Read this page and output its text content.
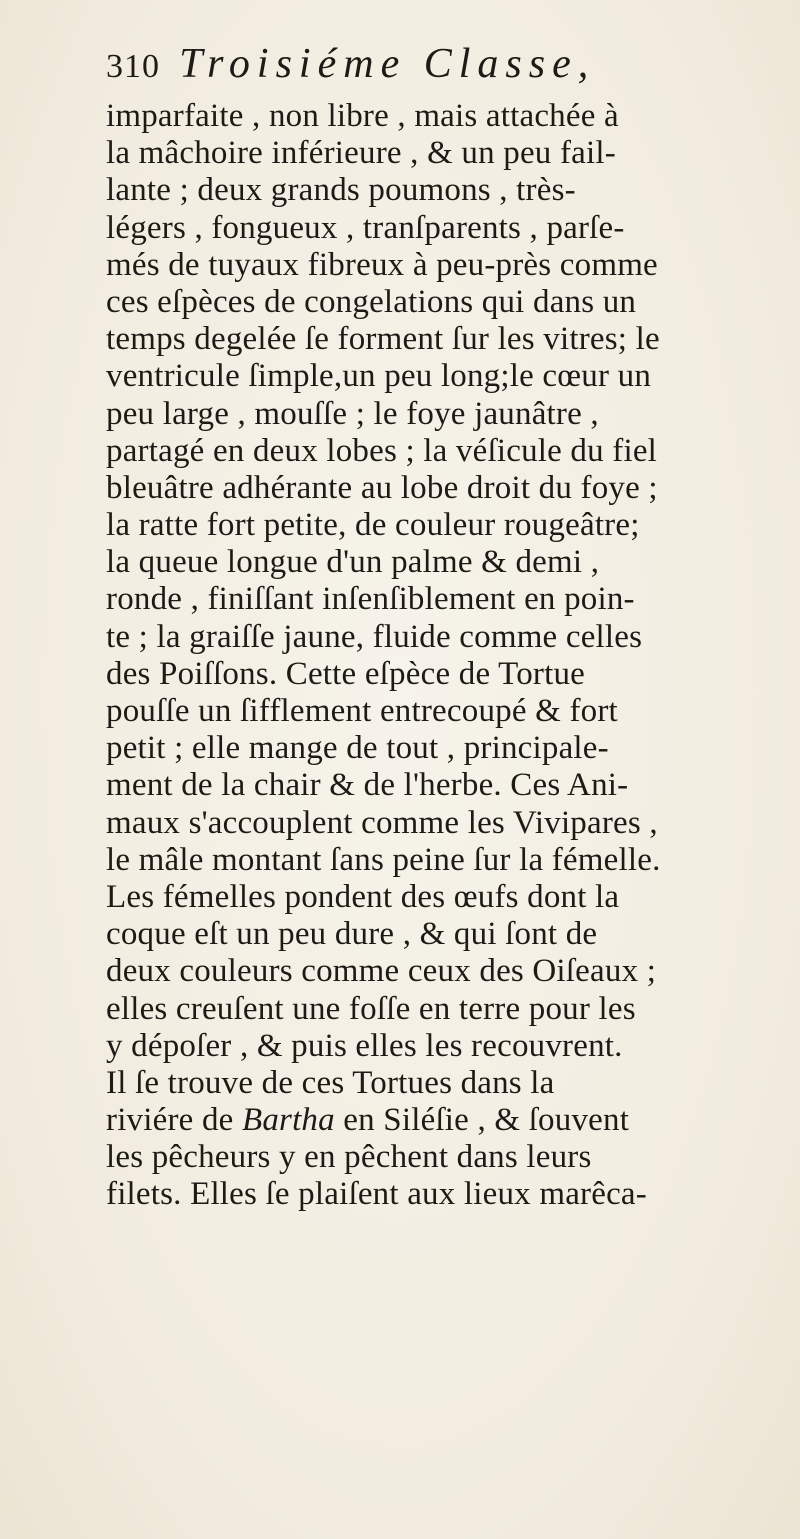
310 Troisiéme Classe,
imparfaite , non libre , mais attachée à
la mâchoire inférieure , & un peu fail-
lante ; deux grands poumons , très-
légers , fongueux , tranſparents , parſe-
més de tuyaux fibreux à peu-près comme
ces eſpèces de congelations qui dans un
temps degelée ſe forment ſur les vitres; le
ventricule ſimple,un peu long;le cœur un
peu large , mouſſe ; le foye jaunâtre ,
partagé en deux lobes ; la véſicule du fiel
bleuâtre adhérante au lobe droit du foye ;
la ratte fort petite, de couleur rougeâtre;
la queue longue d'un palme & demi ,
ronde , finiſſant inſenſiblement en poin-
te ; la graiſſe jaune, fluide comme celles
des Poiſſons. Cette eſpèce de Tortue
pouſſe un ſifflement entrecoupé & fort
petit ; elle mange de tout , principale-
ment de la chair & de l'herbe. Ces Ani-
maux s'accouplent comme les Vivipares ,
le mâle montant ſans peine ſur la fémelle.
Les fémelles pondent des œufs dont la
coque eſt un peu dure , & qui ſont de
deux couleurs comme ceux des Oiſeaux ;
elles creuſent une foſſe en terre pour les
y dépoſer , & puis elles les recouvrent.
Il ſe trouve de ces Tortues dans la
riviére de Bartha en Siléſie , & ſouvent
les pêcheurs y en pêchent dans leurs
filets. Elles ſe plaiſent aux lieux marêca-
